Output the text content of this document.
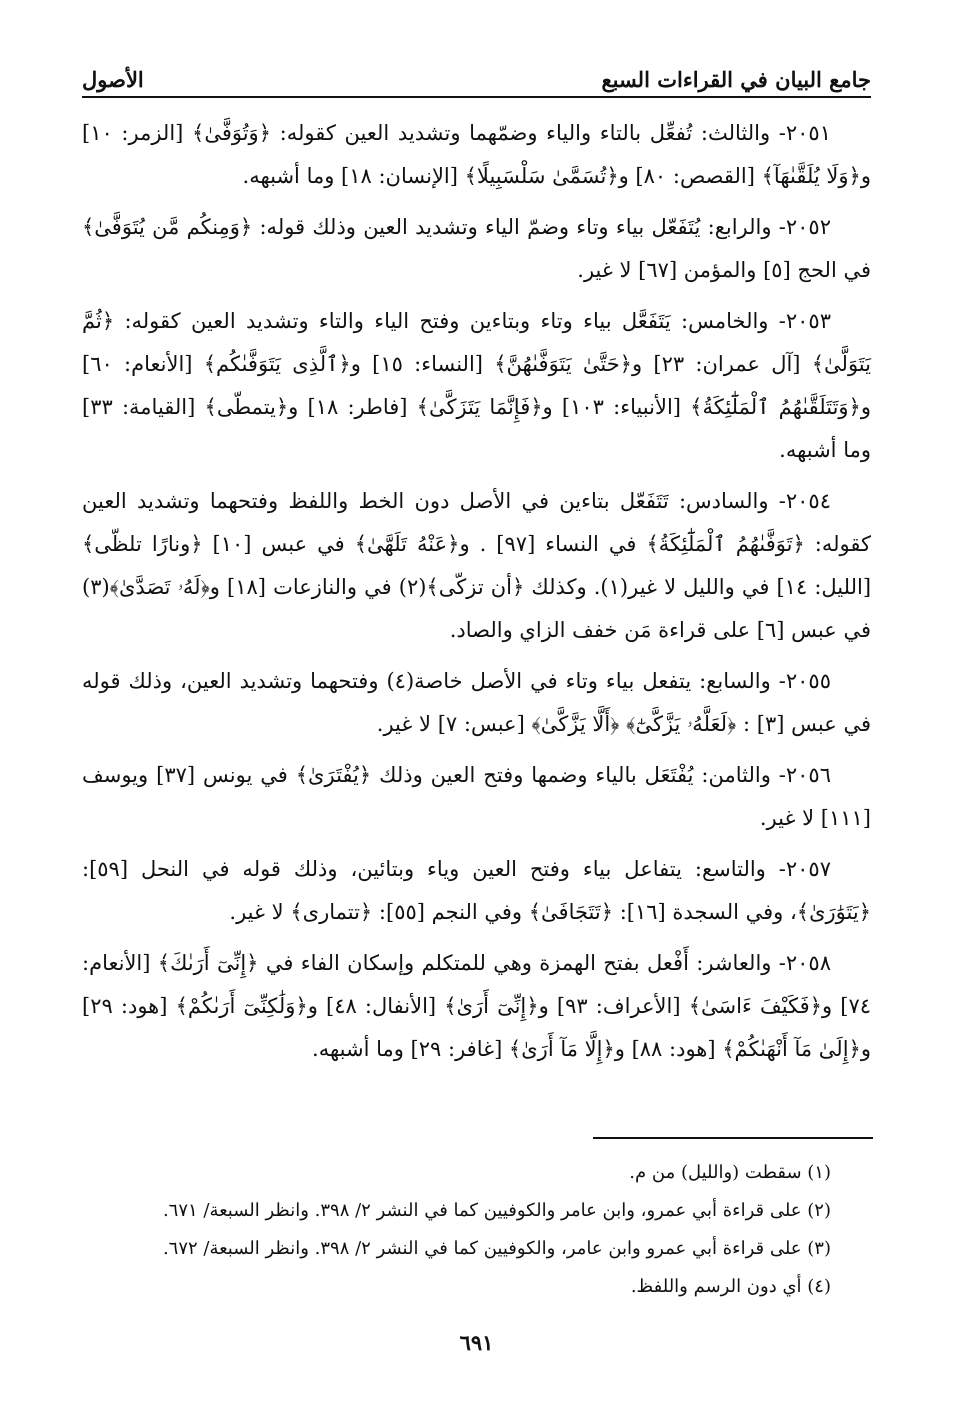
جامع البيان في القراءات السبع
الأصول

٢٠٥١- والثالث: تُفعِّل بالتاء والياء وضمّهما وتشديد العين كقوله: ﴿وَتُوَفَّىٰ﴾ [الزمر: ١٠] و﴿وَلَا يُلَقَّىٰهَآ﴾ [القصص: ٨٠] و﴿تُسَمَّىٰ سَلْسَبِيلًا﴾ [الإنسان: ١٨] وما أشبهه.

٢٠٥٢- والرابع: يُتَفَعّل بياء وتاء وضمّ الياء وتشديد العين وذلك قوله: ﴿وَمِنكُم مَّن يُتَوَفَّىٰ﴾ في الحج [٥] والمؤمن [٦٧] لا غير.

٢٠٥٣- والخامس: يَتَفَعَّل بياء وتاء وبتاءين وفتح الياء والتاء وتشديد العين كقوله: ﴿ثُمَّ يَتَوَلَّىٰ﴾ [آل عمران: ٢٣] و﴿حَتَّىٰ يَتَوَفَّىٰهُنَّ﴾ [النساء: ١٥] و﴿ٱلَّذِى يَتَوَفَّىٰكُم﴾ [الأنعام: ٦٠] و﴿وَتَتَلَقَّىٰهُمُ ٱلْمَلَٰٓئِكَةُ﴾ [الأنبياء: ١٠٣] و﴿فَإِنَّمَا يَتَزَكَّىٰ﴾ [فاطر: ١٨] و﴿يتمطّى﴾ [القيامة: ٣٣] وما أشبهه.

٢٠٥٤- والسادس: تَتَفَعّل بتاءين في الأصل دون الخط واللفظ وفتحهما وتشديد العين كقوله: ﴿تَوَفَّىٰهُمُ ٱلْمَلَٰٓئِكَةُ﴾ في النساء [٩٧] . و﴿عَنْهُ تَلَهَّىٰ﴾ في عبس [١٠] ﴿ونارًا تلظّى﴾ [الليل: ١٤] في والليل لا غير(١). وكذلك ﴿أن تزكّى﴾(٢) في والنازعات [١٨] و﴿لَهُۥ تَصَدَّىٰ﴾(٣) في عبس [٦] على قراءة مَن خفف الزاي والصاد.

٢٠٥٥- والسابع: يتفعل بياء وتاء في الأصل خاصة(٤) وفتحهما وتشديد العين، وذلك قوله في عبس [٣] : ﴿لَعَلَّهُۥ يَزَّكَّىٰٓ﴾ ﴿أَلَّا يَزَّكَّىٰ﴾ [عبس: ٧] لا غير.

٢٠٥٦- والثامن: يُفْتَعَل بالياء وضمها وفتح العين وذلك ﴿يُفْتَرَىٰ﴾ في يونس [٣٧] ويوسف [١١١] لا غير.

٢٠٥٧- والتاسع: يتفاعل بياء وفتح العين وياء وبتائين، وذلك قوله في النحل [٥٩]: ﴿يَتَوَٰرَىٰ﴾، وفي السجدة [١٦]: ﴿تَتَجَافَىٰ﴾ وفي النجم [٥٥]: ﴿تتمارى﴾ لا غير.

٢٠٥٨- والعاشر: أَفْعل بفتح الهمزة وهي للمتكلم وإسكان الفاء في ﴿إِنِّىٓ أَرَىٰكَ﴾ [الأنعام: ٧٤] و﴿فَكَيْفَ ءَاسَىٰ﴾ [الأعراف: ٩٣] و﴿إِنِّىٓ أَرَىٰ﴾ [الأنفال: ٤٨] و﴿وَلَٰكِنِّىٓ أَرَىٰكُمْ﴾ [هود: ٢٩] و﴿إِلَىٰ مَآ أَنْهَىٰكُمْ﴾ [هود: ٨٨] و﴿إِلَّا مَآ أَرَىٰ﴾ [غافر: ٢٩] وما أشبهه.

(١) سقطت (والليل) من م.

(٢) على قراءة أبي عمرو، وابن عامر والكوفيين كما في النشر ٢/ ٣٩٨. وانظر السبعة/ ٦٧١.

(٣) على قراءة أبي عمرو وابن عامر، والكوفيين كما في النشر ٢/ ٣٩٨. وانظر السبعة/ ٦٧٢.

(٤) أي دون الرسم واللفظ.

٦٩١
